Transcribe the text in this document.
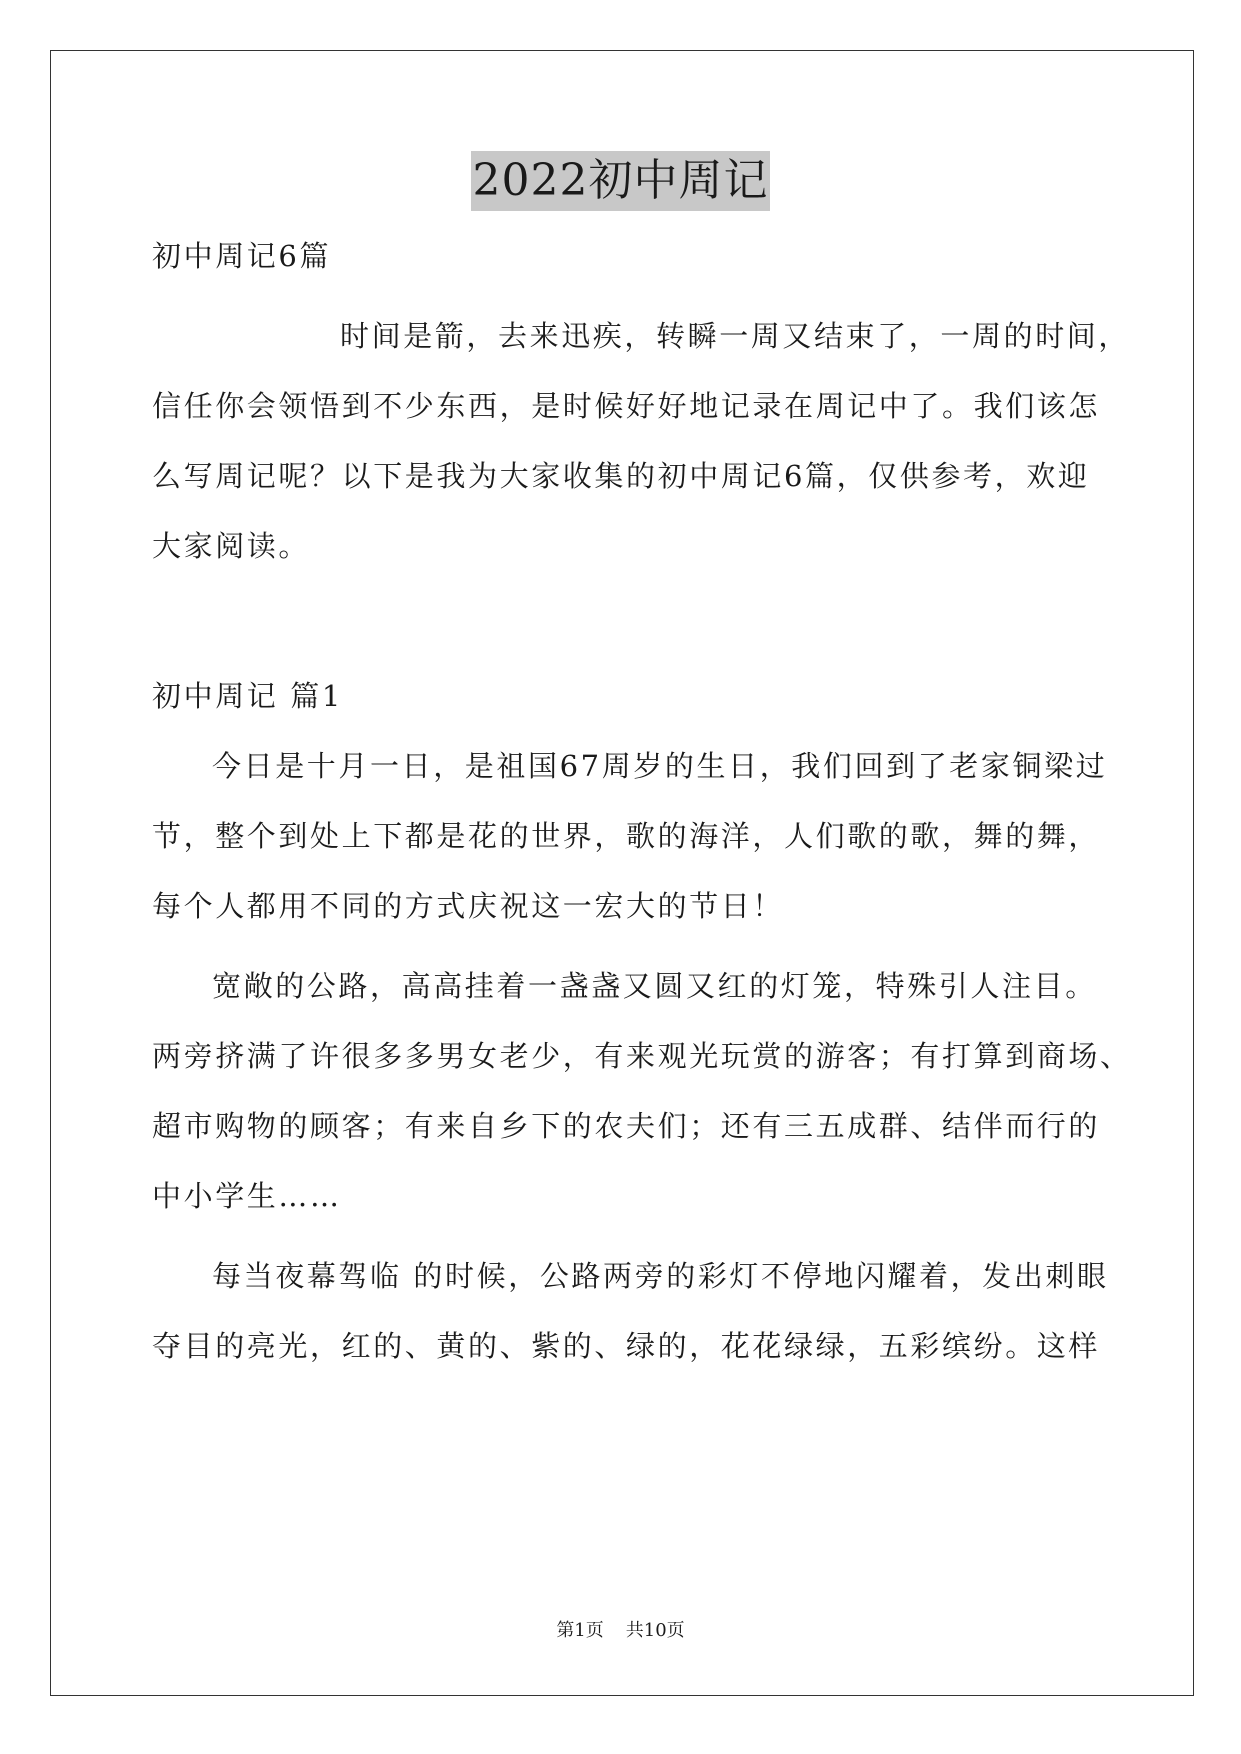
2022初中周记
初中周记6篇
时间是箭，去来迅疾，转瞬一周又结束了，一周的时间，
信任你会领悟到不少东西，是时候好好地记录在周记中了。我们该怎
么写周记呢？以下是我为大家收集的初中周记6篇，仅供参考，欢迎
大家阅读。
初中周记 篇1
今日是十月一日，是祖国67周岁的生日，我们回到了老家铜梁过
节，整个到处上下都是花的世界，歌的海洋，人们歌的歌，舞的舞，
每个人都用不同的方式庆祝这一宏大的节日！
宽敞的公路，高高挂着一盏盏又圆又红的灯笼，特殊引人注目。
两旁挤满了许很多多男女老少，有来观光玩赏的游客；有打算到商场、
超市购物的顾客；有来自乡下的农夫们；还有三五成群、结伴而行的
中小学生……
每当夜幕驾临 的时候，公路两旁的彩灯不停地闪耀着，发出刺眼
夺目的亮光，红的、黄的、紫的、绿的，花花绿绿，五彩缤纷。这样
第1页 共10页
